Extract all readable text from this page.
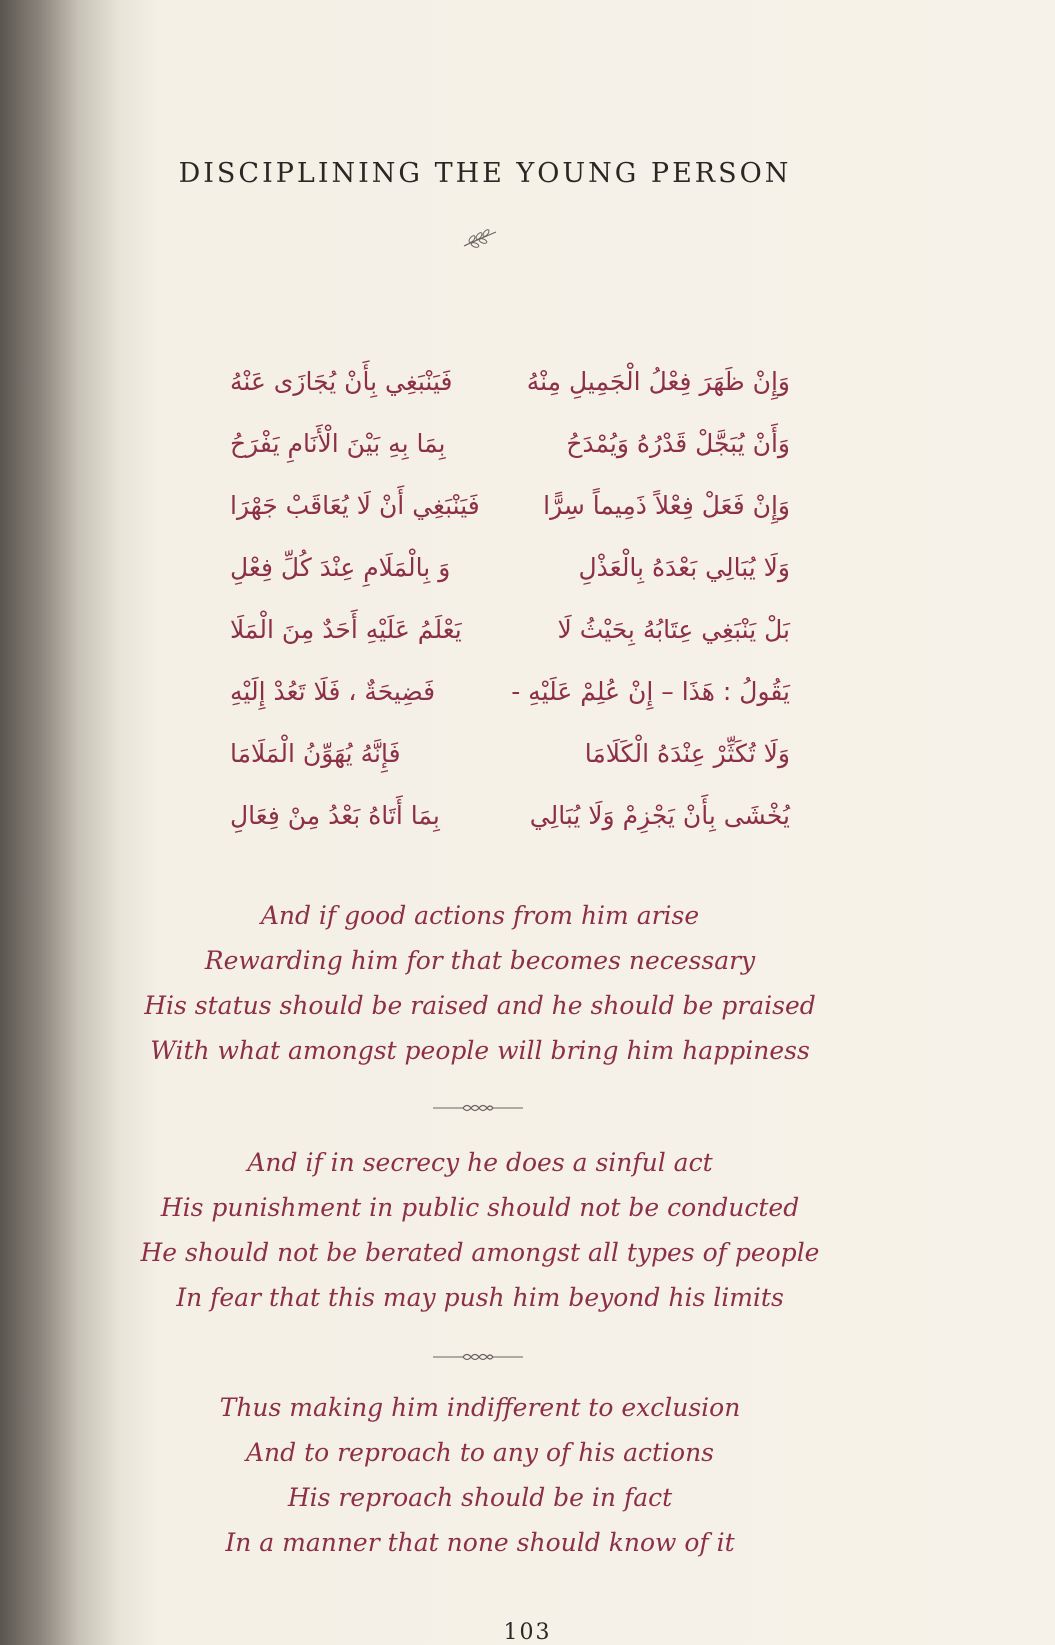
DISCIPLINING THE YOUNG PERSON
وَإِنْ ظَهَرَ فِعْلُ الْجَمِيلِ مِنْهُ
فَيَنْبَغِي بِأَنْ يُجَازَى عَنْهُ
وَأَنْ يُبَجَّلْ قَدْرُهُ وَيُمْدَحُ
بِمَا بِهِ بَيْنَ الْأَنَامِ يَفْرَحُ
وَإِنْ فَعَلْ فِعْلاً ذَمِيماً سِرًّا
فَيَنْبَغِي أَنْ لَا يُعَاقَبْ جَهْرَا
وَلَا يُبَالِي بَعْدَهُ بِالْعَذْلِ
وَ بِالْمَلَامِ عِنْدَ كُلِّ فِعْلِ
بَلْ يَنْبَغِي عِتَابُهُ بِحَيْثُ لَا
يَعْلَمُ عَلَيْهِ أَحَدٌ مِنَ الْمَلَا
يَقُولُ : هَذَا – إِنْ عُلِمْ عَلَيْهِ -
فَضِيحَةٌ ، فَلَا تَعُدْ إِلَيْهِ
وَلَا تُكَثِّرْ عِنْدَهُ الْكَلَامَا
فَإِنَّهُ يُهَوِّنُ الْمَلَامَا
يُخْشَى بِأَنْ يَجْزِمْ وَلَا يُبَالِي
بِمَا أَتَاهُ بَعْدُ مِنْ فِعَالِ
And if good actions from him arise
Rewarding him for that becomes necessary
His status should be raised and he should be praised
With what amongst people will bring him happiness
And if in secrecy he does a sinful act
His punishment in public should not be conducted
He should not be berated amongst all types of people
In fear that this may push him beyond his limits
Thus making him indifferent to exclusion
And to reproach to any of his actions
His reproach should be in fact
In a manner that none should know of it
103
